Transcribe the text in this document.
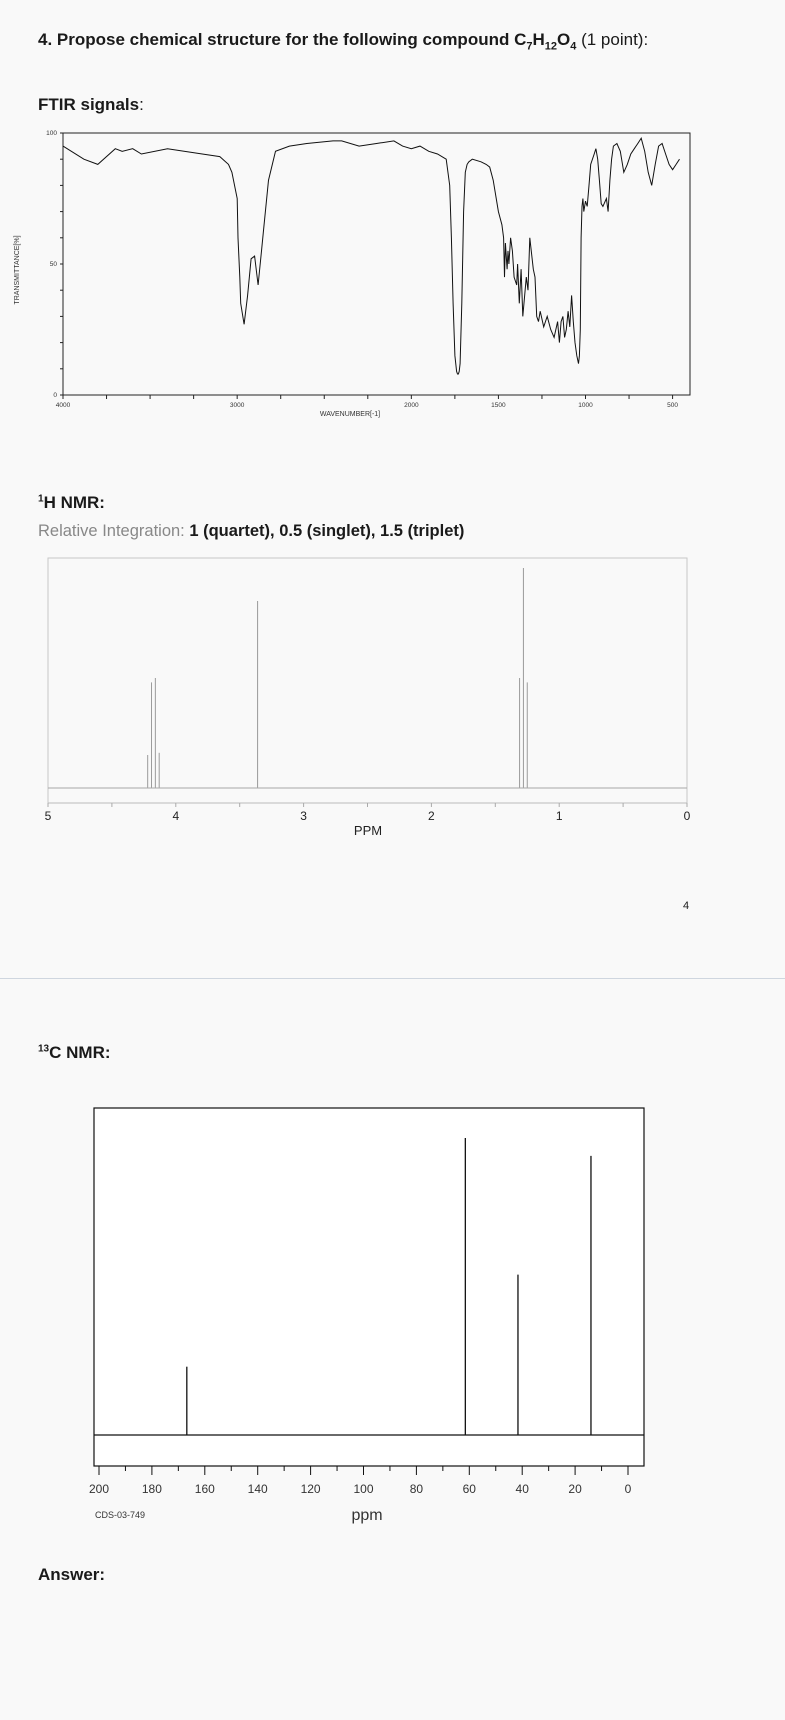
4. Propose chemical structure for the following compound $C_7H_{12}O_4$ (1 point):
FTIR signals:
4000	3000	2000	1500	1000	500
0
50
100
WAVENUMBER[-1]
TRANSMITTANCE[%]
$^1$H NMR:
Relative Integration: 1 (quartet), 0.5 (singlet), 1.5 (triplet)
5	4	3	2	1	0
PPM
4
$^{13}$C NMR:
200	180	160	140	120	100	80	60	40	20	0
ppm
CDS-03-749
Answer:
